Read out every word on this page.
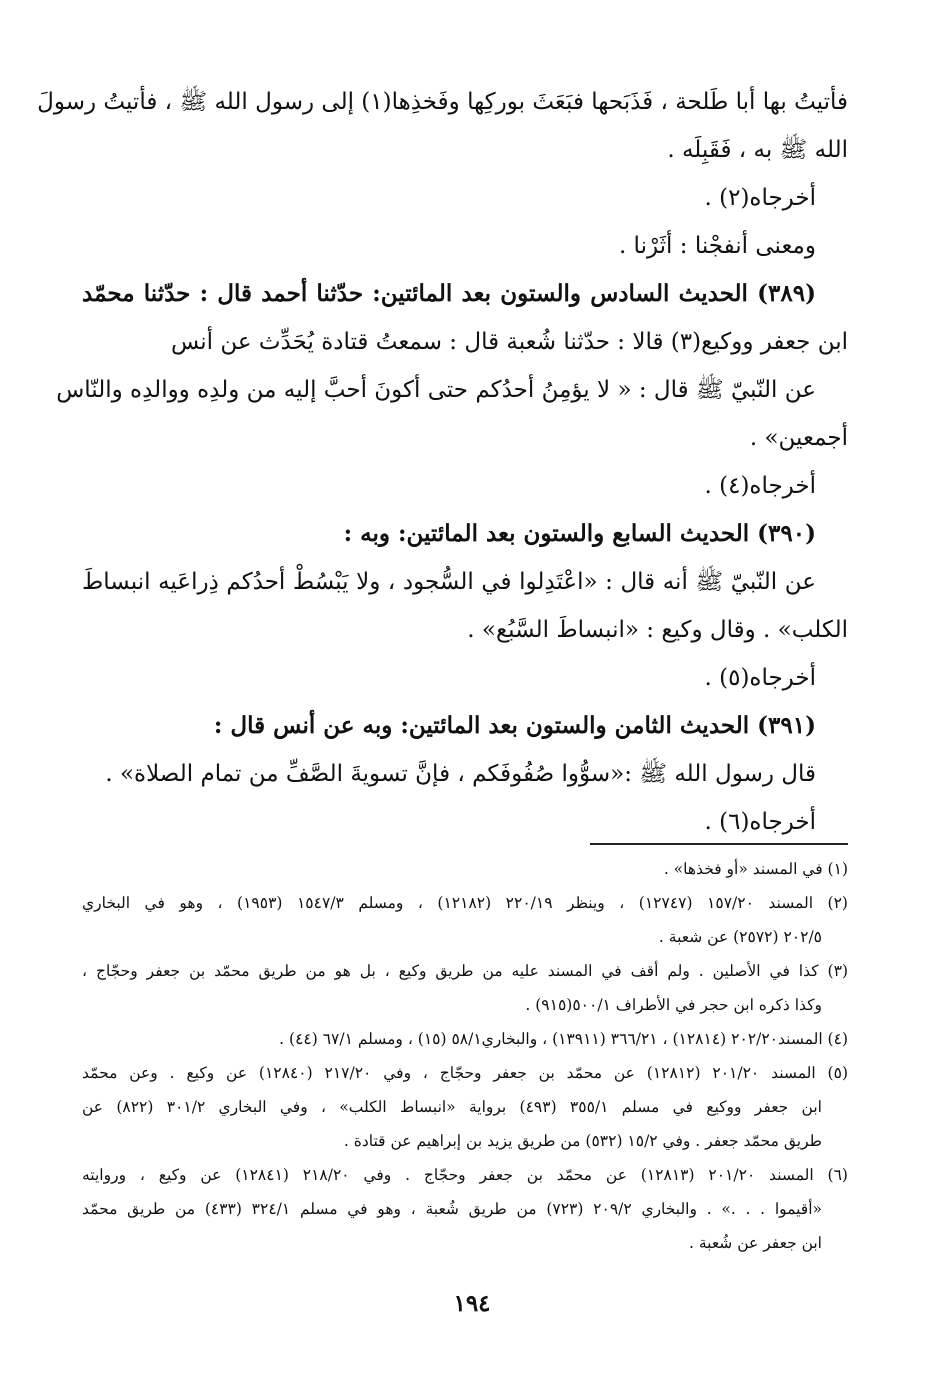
فأتيتُ بها أبا طَلحة ، فَذَبَحها فبَعَثَ بوركِها وفَخذِها(١) إلى رسول الله ﷺ ، فأتيتُ رسولَ
الله ﷺ به ، فَقَبِلَه .
أخرجاه(٢) .
ومعنى أنفجْنا : أثَرْنا .
(٣٨٩) الحديث السادس والستون بعد المائتين: حدّثنا أحمد قال : حدّثنا محمّد
ابن جعفر ووكيع(٣) قالا : حدّثنا شُعبة قال : سمعتُ قتادة يُحَدِّث عن أنس
عن النّبيّ ﷺ قال : « لا يؤمِنُ أحدُكم حتى أكونَ أحبَّ إليه من ولدِه ووالدِه والنّاس
أجمعين» .
أخرجاه(٤) .
(٣٩٠) الحديث السابع والستون بعد المائتين: وبه :
عن النّبيّ ﷺ أنه قال : «اعْتَدِلوا في السُّجود ، ولا يَبْسُطْ أحدُكم ذِراعَيه انبساطَ
الكلب» . وقال وكيع : «انبساطَ السَّبُع» .
أخرجاه(٥) .
(٣٩١) الحديث الثامن والستون بعد المائتين: وبه عن أنس قال :
قال رسول الله ﷺ :«سوُّوا صُفُوفَكم ، فإنَّ تسويةَ الصَّفِّ من تمام الصلاة» .
أخرجاه(٦) .
(١) في المسند «أو فخذها» .
(٢) المسند ١٥٧/٢٠ (١٢٧٤٧) ، وينظر ٢٢٠/١٩ (١٢١٨٢) ، ومسلم ١٥٤٧/٣ (١٩٥٣) ، وهو في البخاري
٢٠٢/٥ (٢٥٧٢) عن شعبة .
(٣) كذا في الأصلين . ولم أقف في المسند عليه من طريق وكيع ، بل هو من طريق محمّد بن جعفر وحجّاج ،
وكذا ذكره ابن حجر في الأطراف ٥٠٠/١(٩١٥) .
(٤) المسند٢٠٢/٢٠ (١٢٨١٤) ، ٣٦٦/٢١ (١٣٩١١) ، والبخاري٥٨/١ (١٥) ، ومسلم ٦٧/١ (٤٤) .
(٥) المسند ٢٠١/٢٠ (١٢٨١٢) عن محمّد بن جعفر وحجّاج ، وفي ٢١٧/٢٠ (١٢٨٤٠) عن وكيع . وعن محمّد
ابن جعفر ووكيع في مسلم ٣٥٥/١ (٤٩٣) برواية «انبساط الكلب» ، وفي البخاري ٣٠١/٢ (٨٢٢) عن
طريق محمّد جعفر . وفي ١٥/٢ (٥٣٢) من طريق يزيد بن إبراهيم عن قتادة .
(٦) المسند ٢٠١/٢٠ (١٢٨١٣) عن محمّد بن جعفر وحجّاج . وفي ٢١٨/٢٠ (١٢٨٤١) عن وكيع ، وروايته
«أقيموا . . .» . والبخاري ٢٠٩/٢ (٧٢٣) من طريق شُعبة ، وهو في مسلم ٣٢٤/١ (٤٣٣) من طريق محمّد
ابن جعفر عن شُعبة .
١٩٤
